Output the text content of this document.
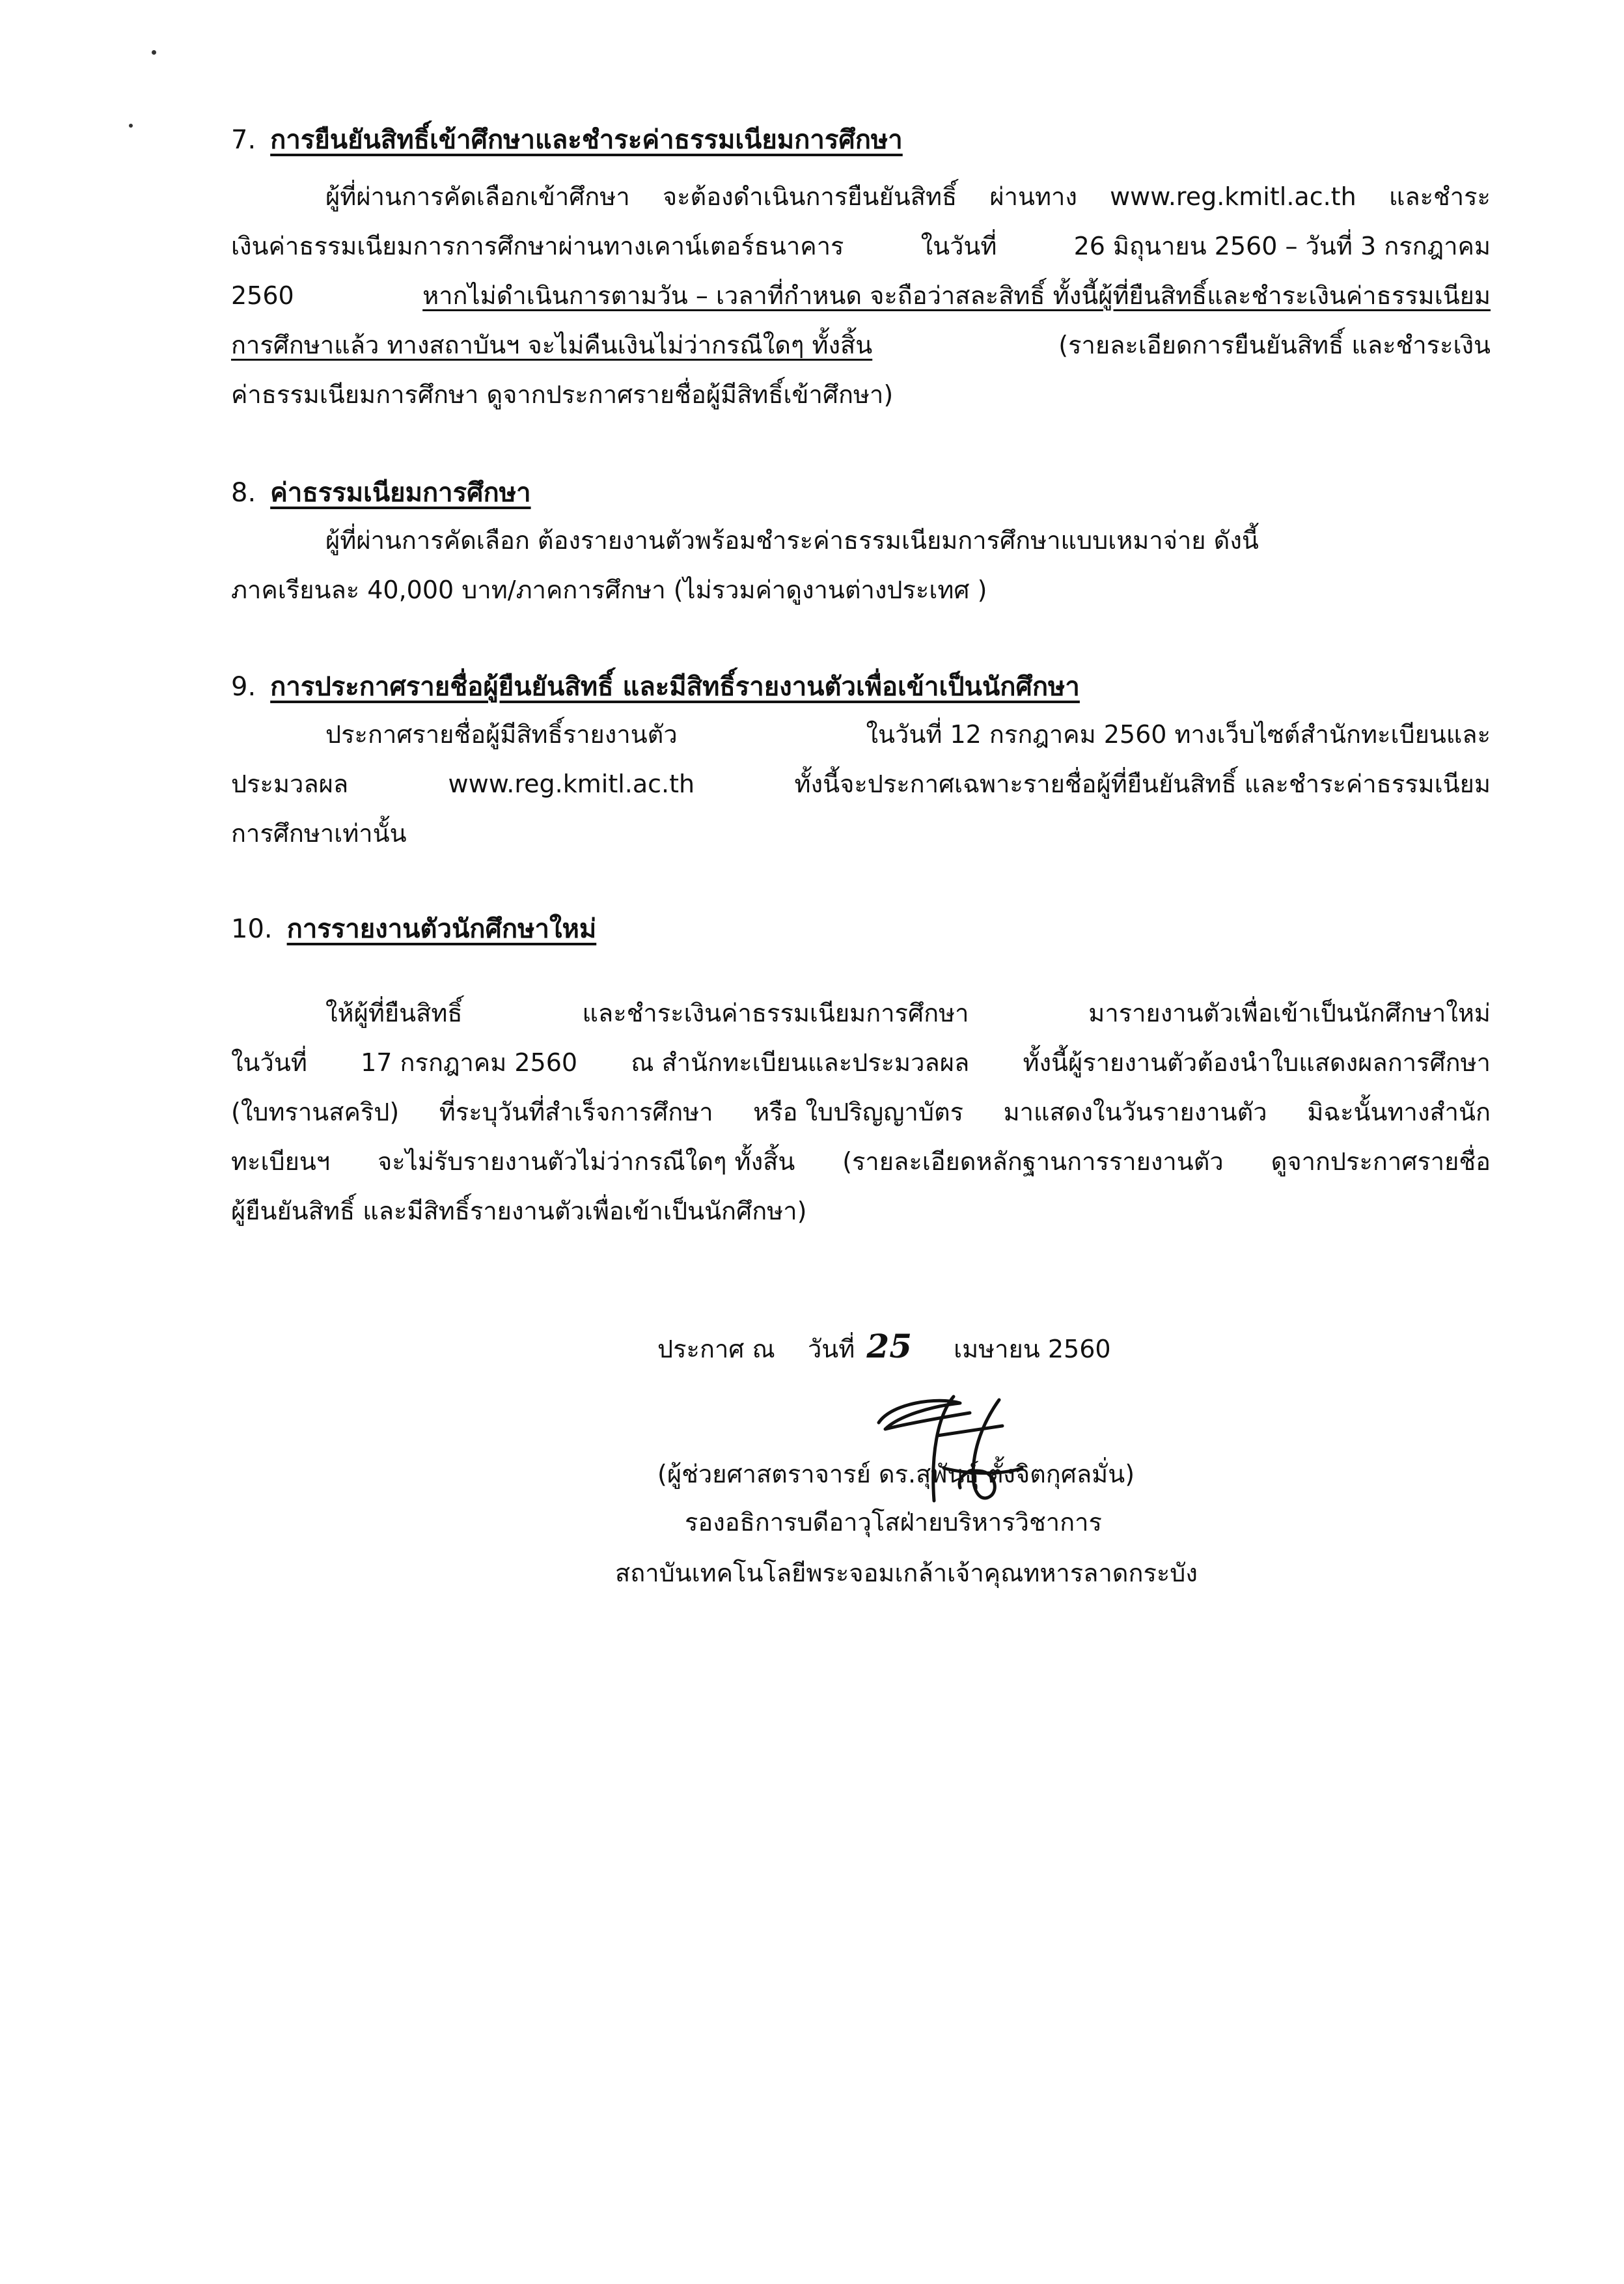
7. การยืนยันสิทธิ์เข้าศึกษาและชำระค่าธรรมเนียมการศึกษา
ผู้ที่ผ่านการคัดเลือกเข้าศึกษา จะต้องดำเนินการยืนยันสิทธิ์ ผ่านทาง www.reg.kmitl.ac.th และชำระ
เงินค่าธรรมเนียมการการศึกษาผ่านทางเคาน์เตอร์ธนาคาร	ในวันที่	26 มิถุนายน 2560 – วันที่ 3 กรกฎาคม
2560	หากไม่ดำเนินการตามวัน – เวลาที่กำหนด จะถือว่าสละสิทธิ์ ทั้งนี้ผู้ที่ยืนสิทธิ์และชำระเงินค่าธรรมเนียม
การศึกษาแล้ว ทางสถาบันฯ จะไม่คืนเงินไม่ว่ากรณีใดๆ ทั้งสิ้น	(รายละเอียดการยืนยันสิทธิ์ และชำระเงิน
ค่าธรรมเนียมการศึกษา ดูจากประกาศรายชื่อผู้มีสิทธิ์เข้าศึกษา)
8. ค่าธรรมเนียมการศึกษา
ผู้ที่ผ่านการคัดเลือก ต้องรายงานตัวพร้อมชำระค่าธรรมเนียมการศึกษาแบบเหมาจ่าย ดังนี้
ภาคเรียนละ 40,000 บาท/ภาคการศึกษา (ไม่รวมค่าดูงานต่างประเทศ )
9. การประกาศรายชื่อผู้ยืนยันสิทธิ์ และมีสิทธิ์รายงานตัวเพื่อเข้าเป็นนักศึกษา
ประกาศรายชื่อผู้มีสิทธิ์รายงานตัว	ในวันที่ 12 กรกฎาคม 2560 ทางเว็บไซต์สำนักทะเบียนและ
ประมวลผล	www.reg.kmitl.ac.th	ทั้งนี้จะประกาศเฉพาะรายชื่อผู้ที่ยืนยันสิทธิ์ และชำระค่าธรรมเนียม
การศึกษาเท่านั้น
10. การรายงานตัวนักศึกษาใหม่
ให้ผู้ที่ยืนสิทธิ์	และชำระเงินค่าธรรมเนียมการศึกษา	มารายงานตัวเพื่อเข้าเป็นนักศึกษาใหม่
ในวันที่ 17 กรกฎาคม 2560 ณ สำนักทะเบียนและประมวลผล ทั้งนี้ผู้รายงานตัวต้องนำใบแสดงผลการศึกษา
(ใบทรานสคริป) ที่ระบุวันที่สำเร็จการศึกษา หรือ ใบปริญญาบัตร มาแสดงในวันรายงานตัว มิฉะนั้นทางสำนัก
ทะเบียนฯ จะไม่รับรายงานตัวไม่ว่ากรณีใดๆ ทั้งสิ้น (รายละเอียดหลักฐานการรายงานตัว ดูจากประกาศรายชื่อ
ผู้ยืนยันสิทธิ์ และมีสิทธิ์รายงานตัวเพื่อเข้าเป็นนักศึกษา)
ประกาศ ณ วันที่ 25 เมษายน 2560
(ผู้ช่วยศาสตราจารย์ ดร.สุพันธุ์ ตั้งจิตกุศลมั่น)
รองอธิการบดีอาวุโสฝ่ายบริหารวิชาการ
สถาบันเทคโนโลยีพระจอมเกล้าเจ้าคุณทหารลาดกระบัง
